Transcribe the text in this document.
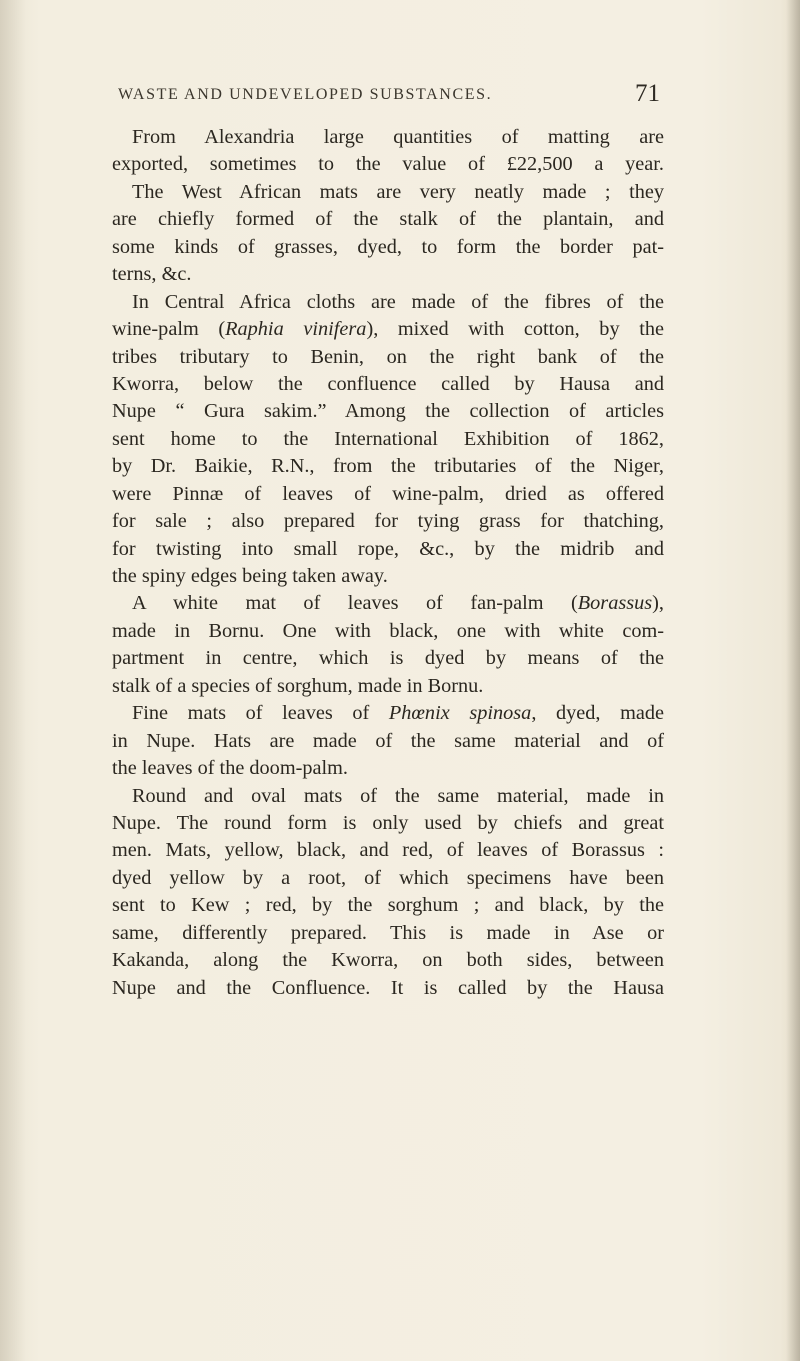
WASTE AND UNDEVELOPED SUBSTANCES.	71
From Alexandria large quantities of matting are
exported, sometimes to the value of £22,500 a year.
The West African mats are very neatly made ; they
are chiefly formed of the stalk of the plantain, and
some kinds of grasses, dyed, to form the border pat-
terns, &c.
In Central Africa cloths are made of the fibres of the
wine-palm (Raphia vinifera), mixed with cotton, by the
tribes tributary to Benin, on the right bank of the
Kworra, below the confluence called by Hausa and
Nupe “ Gura sakim.” Among the collection of articles
sent home to the International Exhibition of 1862,
by Dr. Baikie, R.N., from the tributaries of the Niger,
were Pinnæ of leaves of wine-palm, dried as offered
for sale ; also prepared for tying grass for thatching,
for twisting into small rope, &c., by the midrib and
the spiny edges being taken away.
A white mat of leaves of fan-palm (Borassus),
made in Bornu. One with black, one with white com-
partment in centre, which is dyed by means of the
stalk of a species of sorghum, made in Bornu.
Fine mats of leaves of Phœnix spinosa, dyed, made
in Nupe. Hats are made of the same material and of
the leaves of the doom-palm.
Round and oval mats of the same material, made in
Nupe. The round form is only used by chiefs and great
men. Mats, yellow, black, and red, of leaves of Borassus :
dyed yellow by a root, of which specimens have been
sent to Kew ; red, by the sorghum ; and black, by the
same, differently prepared. This is made in Ase or
Kakanda, along the Kworra, on both sides, between
Nupe and the Confluence. It is called by the Hausa
